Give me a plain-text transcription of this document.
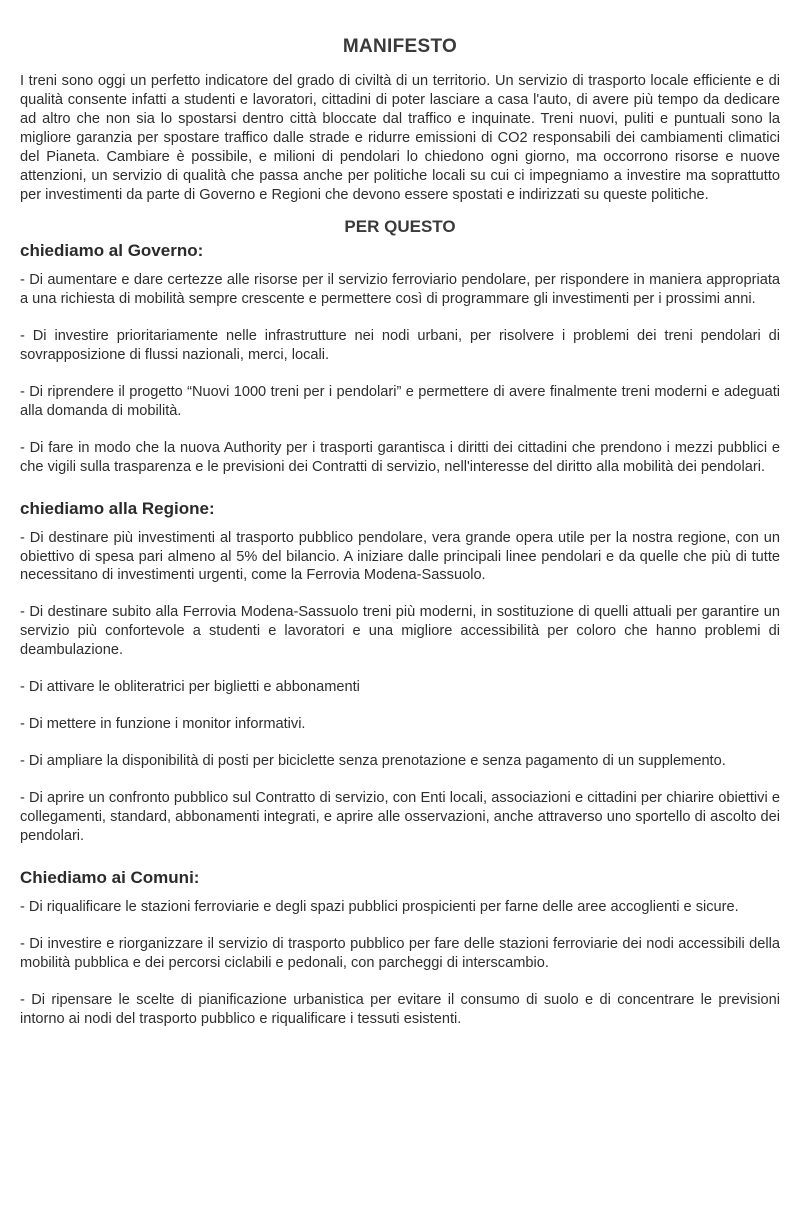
MANIFESTO

I treni sono oggi un perfetto indicatore del grado di civiltà di un territorio. Un servizio di trasporto locale efficiente e di qualità consente infatti a studenti e lavoratori, cittadini di poter lasciare a casa l'auto, di avere più tempo da dedicare ad altro che non sia lo spostarsi dentro città bloccate dal traffico e inquinate. Treni nuovi, puliti e puntuali sono la migliore garanzia per spostare traffico dalle strade e ridurre emissioni di CO2 responsabili dei cambiamenti climatici del Pianeta. Cambiare è possibile, e milioni di pendolari lo chiedono ogni giorno, ma occorrono risorse e nuove attenzioni, un servizio di qualità che passa anche per politiche locali su cui ci impegniamo a investire ma soprattutto per investimenti da parte di Governo e Regioni che devono essere spostati e indirizzati su queste politiche.

PER QUESTO
chiediamo al Governo:

- Di aumentare e dare certezze alle risorse per il servizio ferroviario pendolare, per rispondere in maniera appropriata a una richiesta di mobilità sempre crescente e permettere così di programmare gli investimenti per i prossimi anni.

- Di investire prioritariamente nelle infrastrutture nei nodi urbani, per risolvere i problemi dei treni pendolari di sovrapposizione di flussi nazionali, merci, locali.

- Di riprendere il progetto “Nuovi 1000 treni per i pendolari” e permettere di avere finalmente treni moderni e adeguati alla domanda di mobilità.

- Di fare in modo che la nuova Authority per i trasporti garantisca i diritti dei cittadini che prendono i mezzi pubblici e che vigili sulla trasparenza e le previsioni dei Contratti di servizio, nell'interesse del diritto alla mobilità dei pendolari.

chiediamo alla Regione:

- Di destinare più investimenti al trasporto pubblico pendolare, vera grande opera utile per la nostra regione, con un obiettivo di spesa pari almeno al 5% del bilancio. A iniziare dalle principali linee pendolari e da quelle che più di tutte necessitano di investimenti urgenti, come la Ferrovia Modena-Sassuolo.

- Di destinare subito alla Ferrovia Modena-Sassuolo treni più moderni, in sostituzione di quelli attuali per garantire un servizio più confortevole a studenti e lavoratori e una migliore accessibilità per coloro che hanno problemi di deambulazione.

- Di attivare le obliteratrici per biglietti e abbonamenti

- Di mettere in funzione i monitor informativi.

- Di ampliare la disponibilità di posti per biciclette senza prenotazione e senza pagamento di un supplemento.

- Di aprire un confronto pubblico sul Contratto di servizio, con Enti locali, associazioni e cittadini per chiarire obiettivi e collegamenti, standard, abbonamenti integrati, e aprire alle osservazioni, anche attraverso uno sportello di ascolto dei pendolari.

Chiediamo ai Comuni:

- Di riqualificare le stazioni ferroviarie e degli spazi pubblici prospicienti per farne delle aree accoglienti e sicure.

- Di investire e riorganizzare il servizio di trasporto pubblico per fare delle stazioni ferroviarie dei nodi accessibili della mobilità pubblica e dei percorsi ciclabili e pedonali, con parcheggi di interscambio.

- Di ripensare le scelte di pianificazione urbanistica per evitare il consumo di suolo e di concentrare le previsioni intorno ai nodi del trasporto pubblico e riqualificare i tessuti esistenti.
